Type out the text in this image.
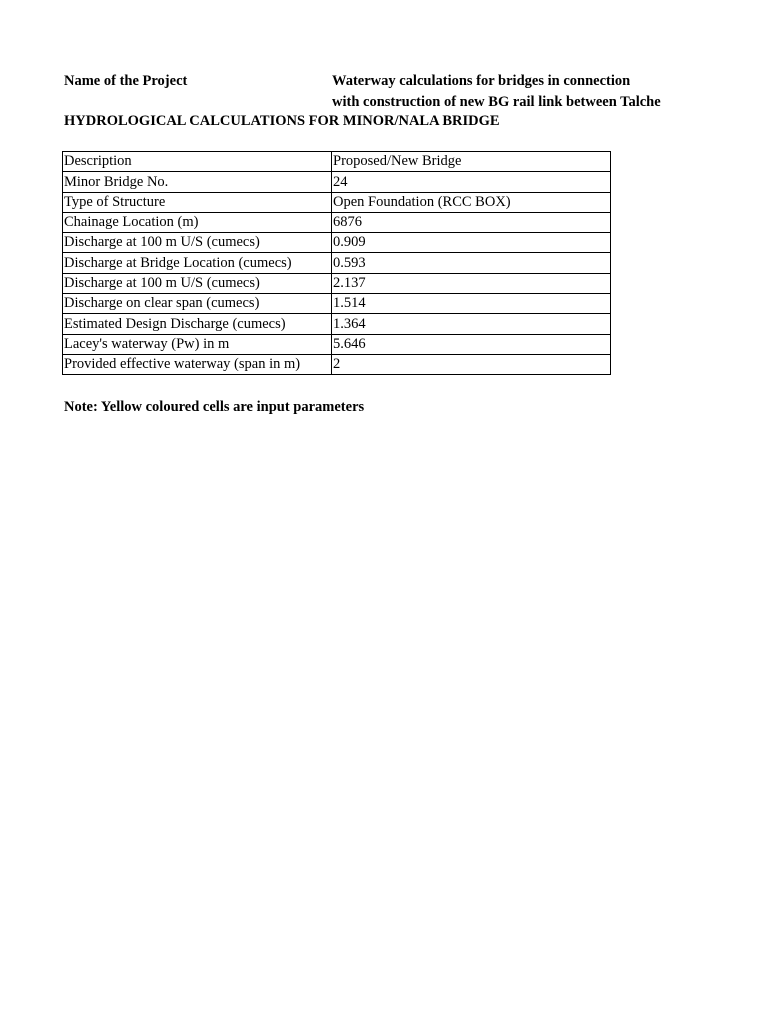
Name of the Project	Waterway calculations for bridges in connection
with construction of new BG rail link between Talche
HYDROLOGICAL CALCULATIONS FOR MINOR/NALA BRIDGE
Description	Proposed/New Bridge
Minor Bridge No.	24
Type of Structure	Open Foundation (RCC BOX)
Chainage Location (m)	6876
Discharge at 100 m U/S (cumecs)	0.909
Discharge at Bridge Location (cumecs)	0.593
Discharge at 100 m U/S (cumecs)	2.137
Discharge on clear span (cumecs)	1.514
Estimated Design Discharge (cumecs)	1.364
Lacey's waterway (Pw) in m	5.646
Provided effective waterway (span in m)	2
Note: Yellow coloured cells are input parameters
